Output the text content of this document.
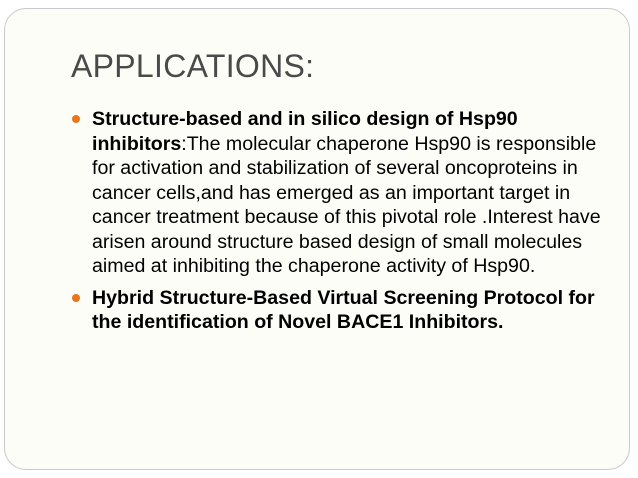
APPLICATIONS:
Structure-based and in silico design of Hsp90 inhibitors:The molecular chaperone Hsp90 is responsible for activation and stabilization of several oncoproteins in cancer cells,and has emerged as an important target in cancer treatment because of this pivotal role .Interest have arisen around structure based design of small molecules aimed at inhibiting the chaperone activity of Hsp90.
Hybrid Structure-Based Virtual Screening Protocol for the identification of Novel BACE1 Inhibitors.
